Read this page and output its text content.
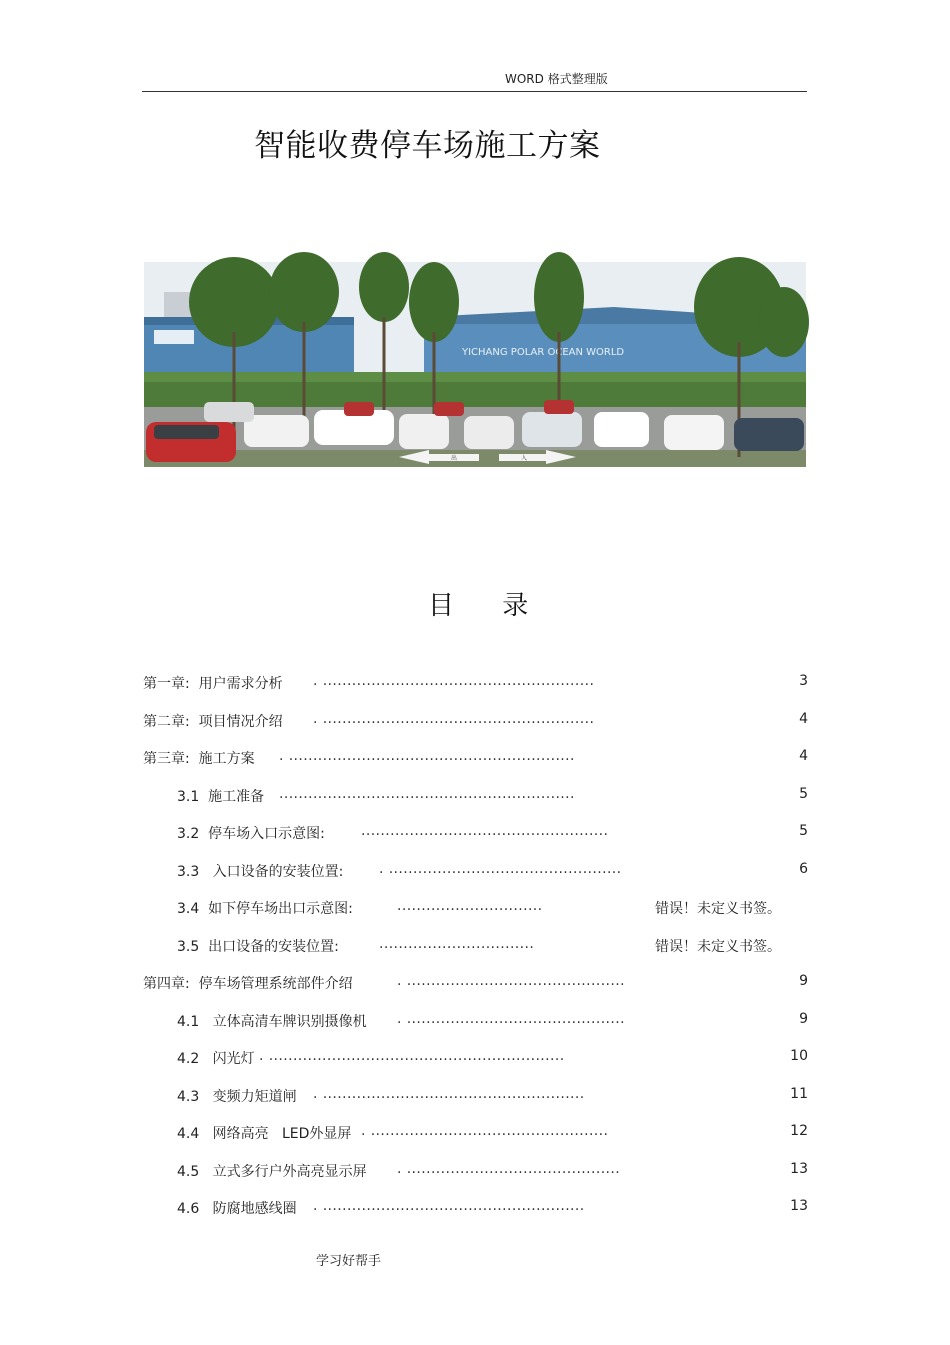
WORD 格式整理版
智能收费停车场施工方案
YICHANG POLAR OCEAN WORLD
出	入
目 录
第一章:  用户需求分析 . ........................................................	3
第二章:  项目情况介绍 . ........................................................	4
第三章:  施工方案 . ...........................................................	4
3.1  施工准备 .............................................................	5
3.2  停车场入口示意图:	...................................................	5
3.3   入口设备的安装位置:	. ................................................	6
3.4  如下停车场出口示意图:	..............................	错误！未定义书签。
3.5  出口设备的安装位置:	................................	错误！未定义书签。
第四章:  停车场管理系统部件介绍	. .............................................	9
4.1   立体高清车牌识别摄像机 . .............................................	9
4.2   闪光灯 . .............................................................	10
4.3   变频力矩道闸 . ......................................................	11
4.4   网络高亮   LED外显屏 . .................................................	12
4.5   立式多行户外高亮显示屏 . ............................................	13
4.6   防腐地感线圈 . ......................................................	13
学习好帮手
